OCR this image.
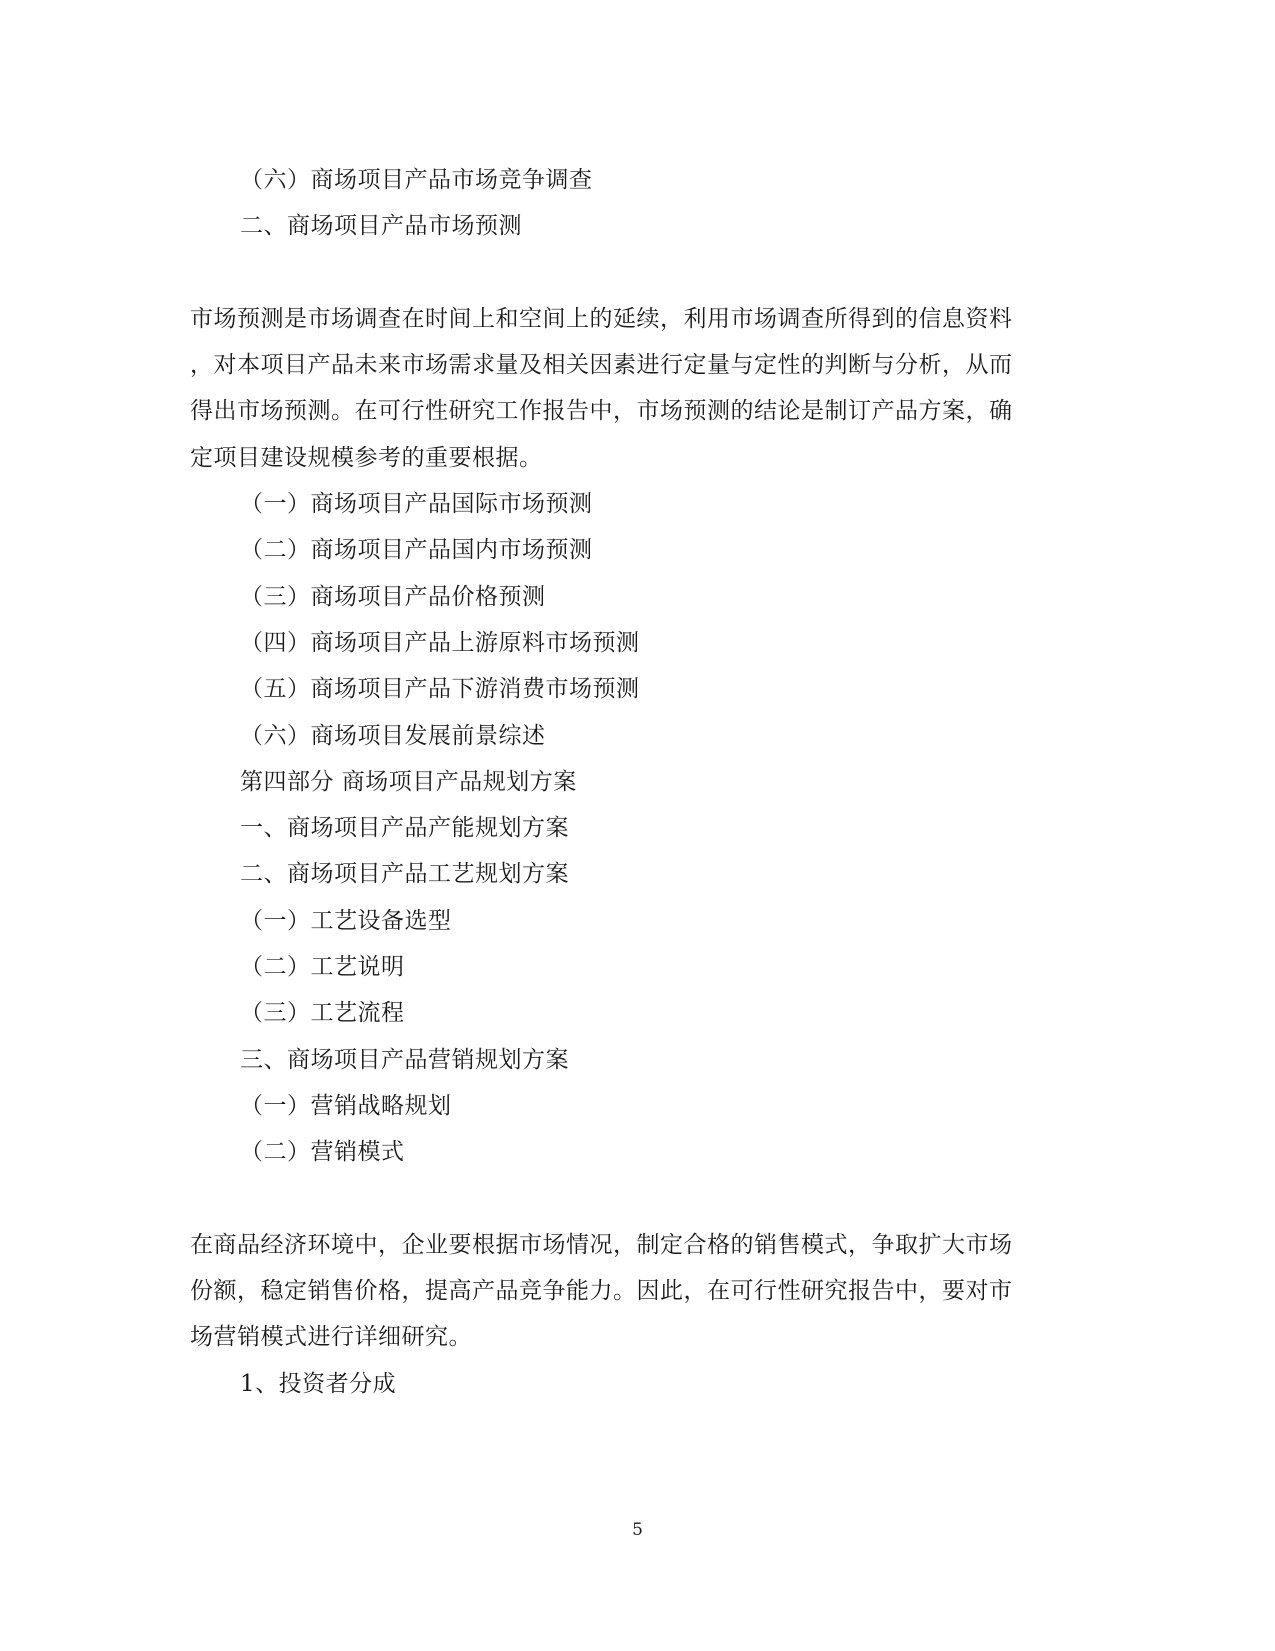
（六）商场项目产品市场竞争调查
二、商场项目产品市场预测
市场预测是市场调查在时间上和空间上的延续，利用市场调查所得到的信息资料
，对本项目产品未来市场需求量及相关因素进行定量与定性的判断与分析，从而
得出市场预测。在可行性研究工作报告中，市场预测的结论是制订产品方案，确
定项目建设规模参考的重要根据。
（一）商场项目产品国际市场预测
（二）商场项目产品国内市场预测
（三）商场项目产品价格预测
（四）商场项目产品上游原料市场预测
（五）商场项目产品下游消费市场预测
（六）商场项目发展前景综述
第四部分 商场项目产品规划方案
一、商场项目产品产能规划方案
二、商场项目产品工艺规划方案
（一）工艺设备选型
（二）工艺说明
（三）工艺流程
三、商场项目产品营销规划方案
（一）营销战略规划
（二）营销模式
在商品经济环境中，企业要根据市场情况，制定合格的销售模式，争取扩大市场
份额，稳定销售价格，提高产品竞争能力。因此，在可行性研究报告中，要对市
场营销模式进行详细研究。
1、投资者分成
5
